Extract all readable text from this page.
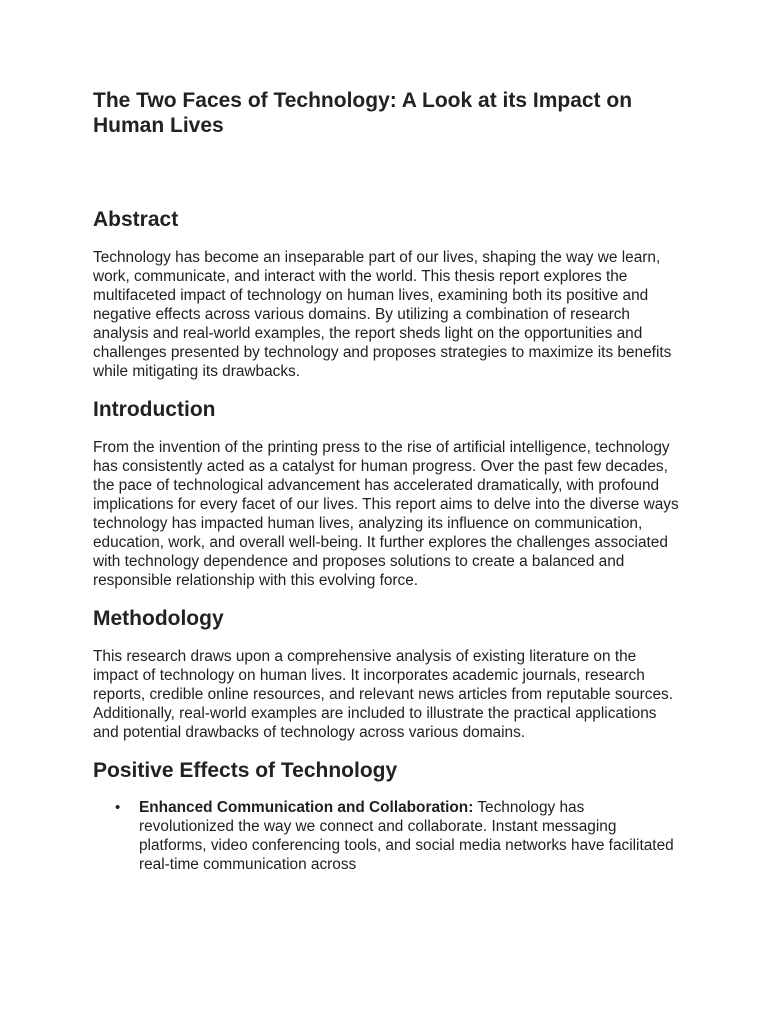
The Two Faces of Technology: A Look at its Impact on Human Lives
Abstract

Technology has become an inseparable part of our lives, shaping the way we learn, work, communicate, and interact with the world. This thesis report explores the multifaceted impact of technology on human lives, examining both its positive and negative effects across various domains. By utilizing a combination of research analysis and real-world examples, the report sheds light on the opportunities and challenges presented by technology and proposes strategies to maximize its benefits while mitigating its drawbacks.

Introduction

From the invention of the printing press to the rise of artificial intelligence, technology has consistently acted as a catalyst for human progress. Over the past few decades, the pace of technological advancement has accelerated dramatically, with profound implications for every facet of our lives. This report aims to delve into the diverse ways technology has impacted human lives, analyzing its influence on communication, education, work, and overall well-being. It further explores the challenges associated with technology dependence and proposes solutions to create a balanced and responsible relationship with this evolving force.

Methodology

This research draws upon a comprehensive analysis of existing literature on the impact of technology on human lives. It incorporates academic journals, research reports, credible online resources, and relevant news articles from reputable sources. Additionally, real-world examples are included to illustrate the practical applications and potential drawbacks of technology across various domains.

Positive Effects of Technology
• Enhanced Communication and Collaboration: Technology has revolutionized the way we connect and collaborate. Instant messaging platforms, video conferencing tools, and social media networks have facilitated real-time communication across
